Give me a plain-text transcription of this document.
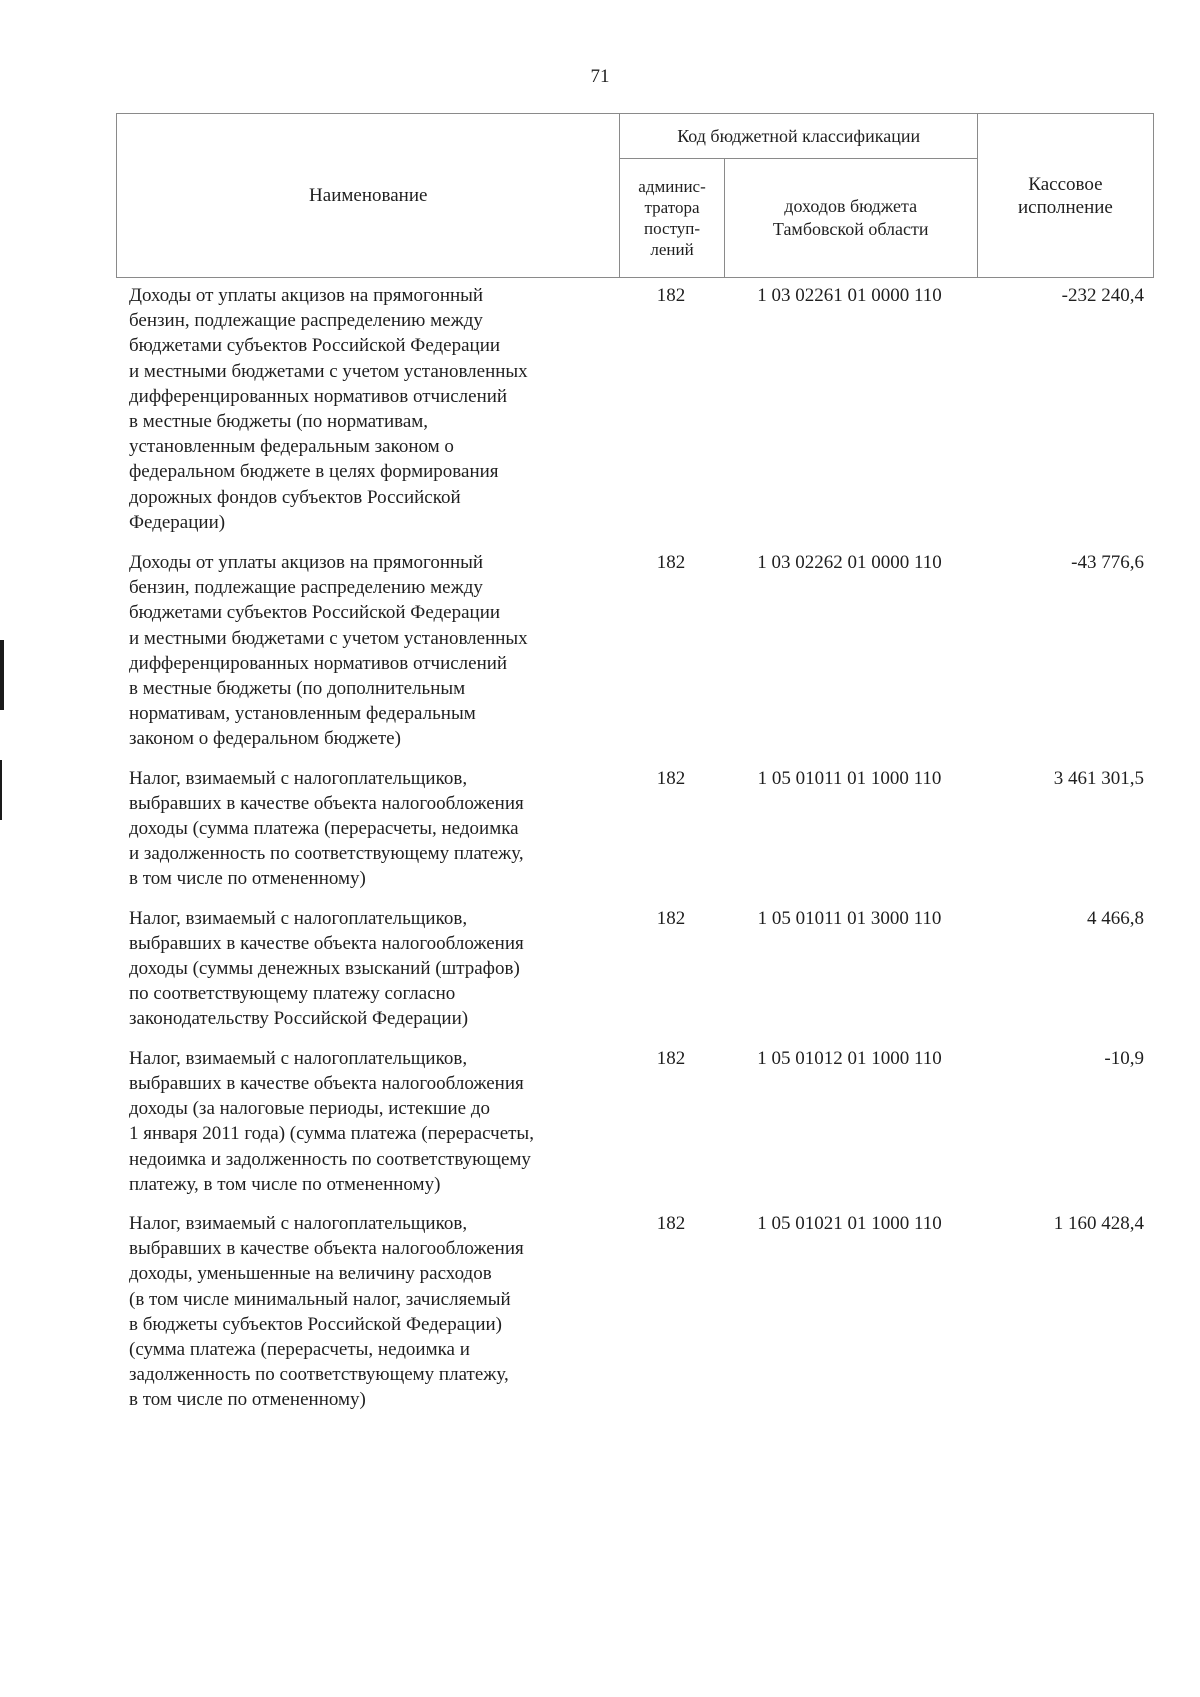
71
Наименование	Код бюджетной классификации		Кассовое
исполнение
	админис-
тратора
поступ-
лений	доходов бюджета
Тамбовской области	
Доходы от уплаты акцизов на прямогонный
бензин, подлежащие распределению между
бюджетами субъектов Российской Федерации
и местными бюджетами с учетом установленных
дифференцированных нормативов отчислений
в местные бюджеты (по нормативам,
установленным федеральным законом о
федеральном бюджете в целях формирования
дорожных фондов субъектов Российской
Федерации)
182	1 03 02261 01 0000 110	-232 240,4
Доходы от уплаты акцизов на прямогонный
бензин, подлежащие распределению между
бюджетами субъектов Российской Федерации
и местными бюджетами с учетом установленных
дифференцированных нормативов отчислений
в местные бюджеты (по дополнительным
нормативам, установленным федеральным
законом о федеральном бюджете)
182	1 03 02262 01 0000 110	-43 776,6
Налог, взимаемый с налогоплательщиков,
выбравших в качестве объекта налогообложения
доходы (сумма платежа (перерасчеты, недоимка
и задолженность по соответствующему платежу,
в том числе по отмененному)
182	1 05 01011 01 1000 110	3 461 301,5
Налог, взимаемый с налогоплательщиков,
выбравших в качестве объекта налогообложения
доходы (суммы денежных взысканий (штрафов)
по соответствующему платежу согласно
законодательству Российской Федерации)
182	1 05 01011 01 3000 110	4 466,8
Налог, взимаемый с налогоплательщиков,
выбравших в качестве объекта налогообложения
доходы (за налоговые периоды, истекшие до
1 января 2011 года) (сумма платежа (перерасчеты,
недоимка и задолженность по соответствующему
платежу, в том числе по отмененному)
182	1 05 01012 01 1000 110	-10,9
Налог, взимаемый с налогоплательщиков,
выбравших в качестве объекта налогообложения
доходы, уменьшенные на величину расходов
(в том числе минимальный налог, зачисляемый
в бюджеты субъектов Российской Федерации)
(сумма платежа (перерасчеты, недоимка и
задолженность по соответствующему платежу,
в том числе по отмененному)
182	1 05 01021 01 1000 110	1 160 428,4
